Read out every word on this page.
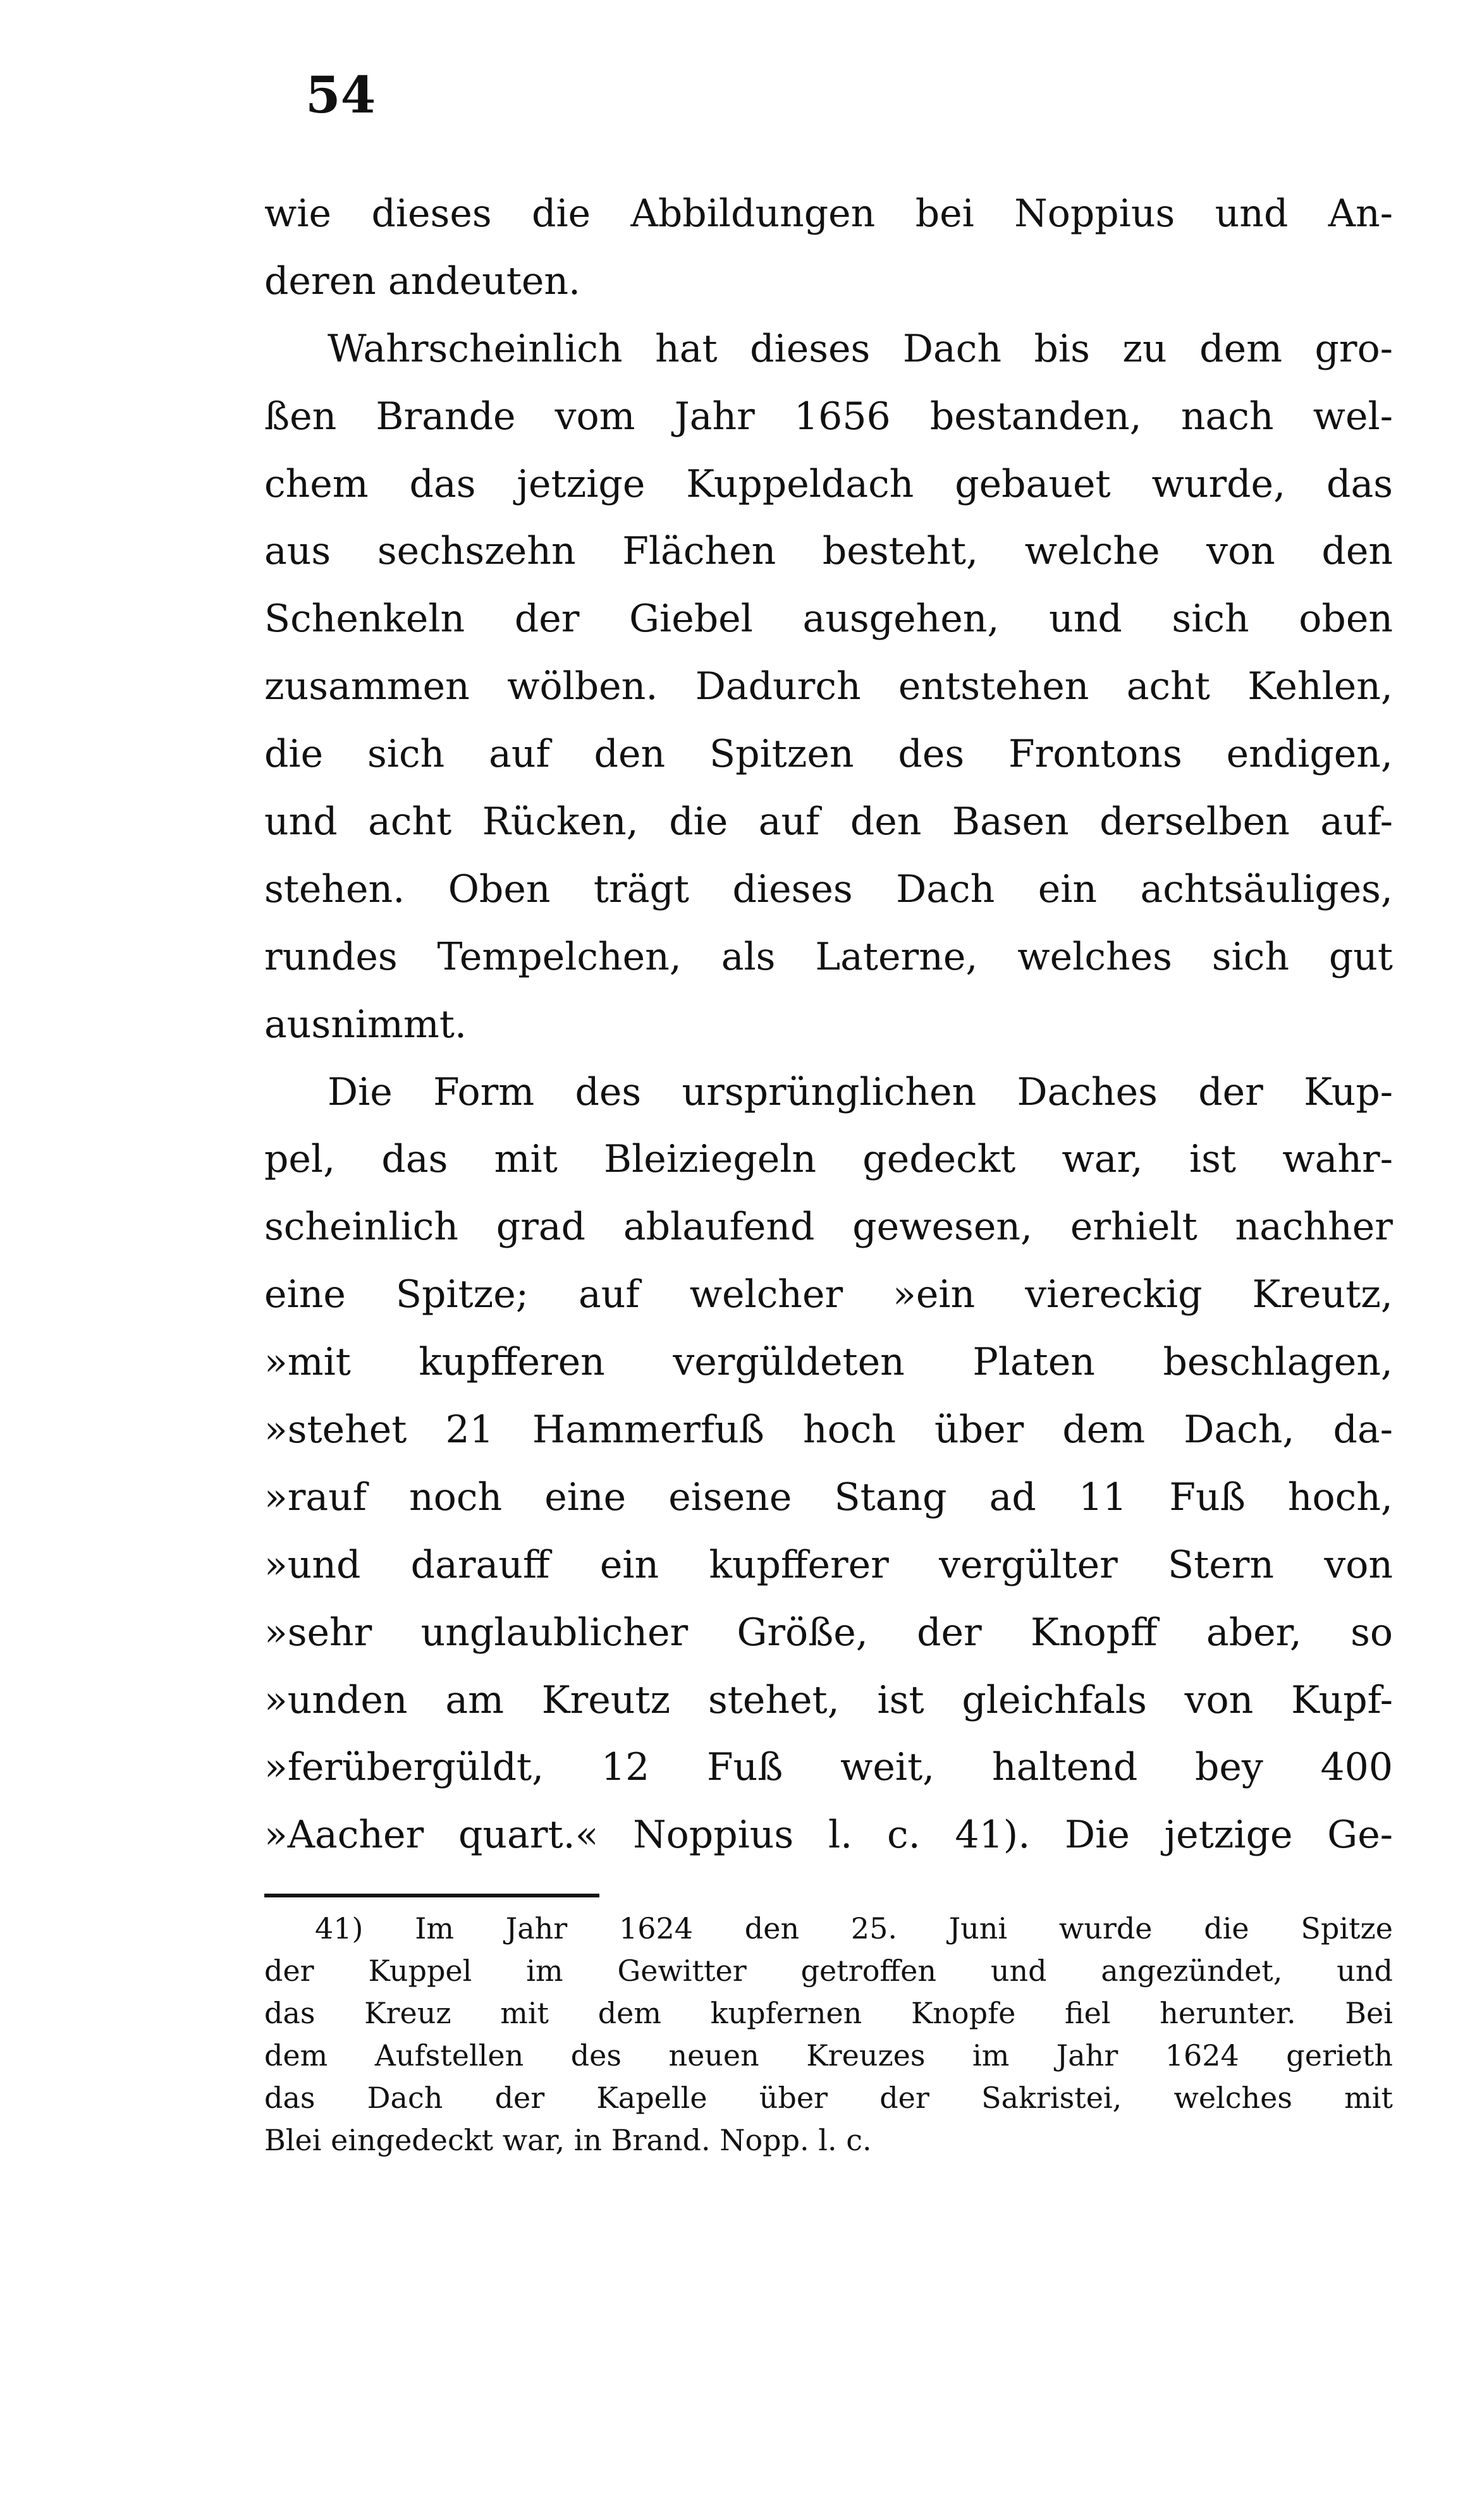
54
wie dieses die Abbildungen bei Noppius und An-
deren andeuten.
Wahrscheinlich hat dieses Dach bis zu dem gro-
ßen Brande vom Jahr 1656 bestanden, nach wel-
chem das jetzige Kuppeldach gebauet wurde, das
aus sechszehn Flächen besteht, welche von den
Schenkeln der Giebel ausgehen, und sich oben
zusammen wölben. Dadurch entstehen acht Kehlen,
die sich auf den Spitzen des Frontons endigen,
und acht Rücken, die auf den Basen derselben auf-
stehen. Oben trägt dieses Dach ein achtsäuliges,
rundes Tempelchen, als Laterne, welches sich gut
ausnimmt.
Die Form des ursprünglichen Daches der Kup-
pel, das mit Bleiziegeln gedeckt war, ist wahr-
scheinlich grad ablaufend gewesen, erhielt nachher
eine Spitze; auf welcher »ein viereckig Kreutz,
»mit kupfferen vergüldeten Platen beschlagen,
»stehet 21 Hammerfuß hoch über dem Dach, da-
»rauf noch eine eisene Stang ad 11 Fuß hoch,
»und darauff ein kupfferer vergülter Stern von
»sehr unglaublicher Größe, der Knopff aber, so
»unden am Kreutz stehet, ist gleichfals von Kupf-
»ferübergüldt, 12 Fuß weit, haltend bey 400
»Aacher quart.« Noppius l. c. 41). Die jetzige Ge-
41) Im Jahr 1624 den 25. Juni wurde die Spitze
der Kuppel im Gewitter getroffen und angezündet, und
das Kreuz mit dem kupfernen Knopfe fiel herunter. Bei
dem Aufstellen des neuen Kreuzes im Jahr 1624 gerieth
das Dach der Kapelle über der Sakristei, welches mit
Blei eingedeckt war, in Brand. Nopp. l. c.
